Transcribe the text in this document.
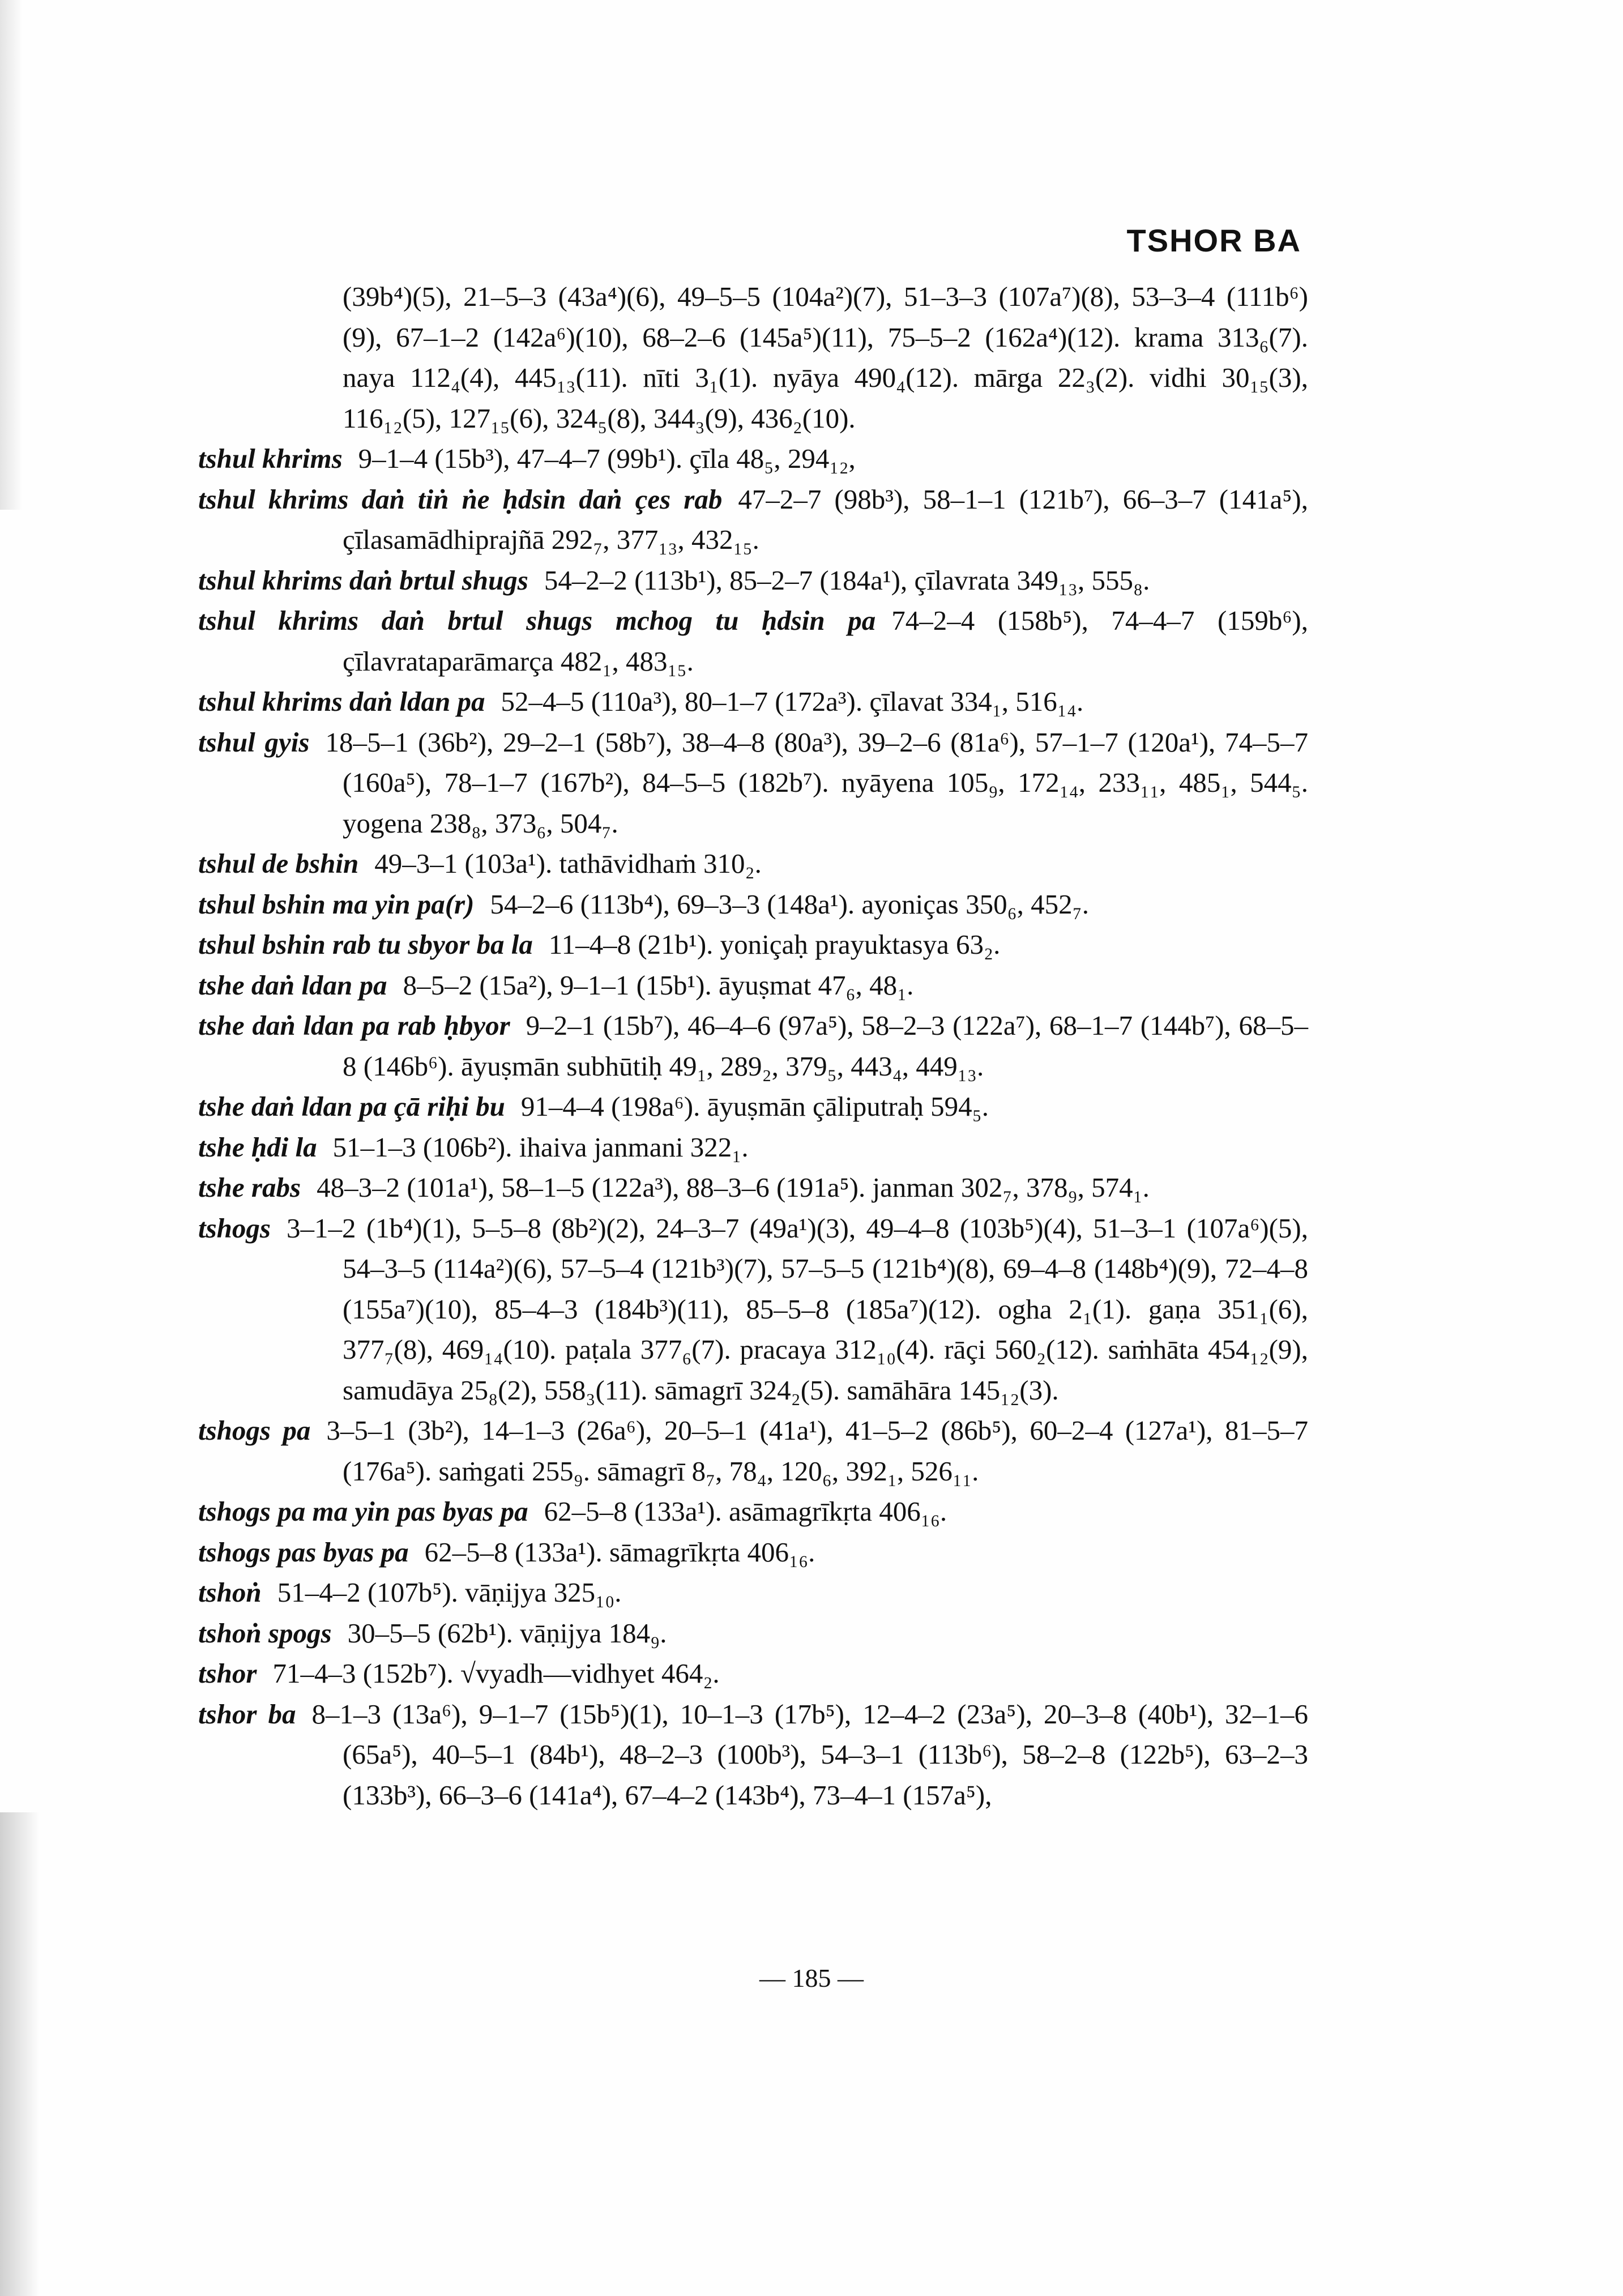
TSHOR BA
(39b⁴)(5), 21–5–3 (43a⁴)(6), 49–5–5 (104a²)(7), 51–3–3 (107a⁷)(8), 53–3–4 (111b⁶)(9), 67–1–2 (142a⁶)(10), 68–2–6 (145a⁵)(11), 75–5–2 (162a⁴)(12). krama 313₆(7). naya 112₄(4), 445₁₃(11). nīti 3₁(1). nyāya 490₄(12). mārga 22₃(2). vidhi 30₁₅(3), 116₁₂(5), 127₁₅(6), 324₅(8), 344₃(9), 436₂(10).
tshul khrims 9–1–4 (15b³), 47–4–7 (99b¹). çīla 48₅, 294₁₂,
tshul khrims daṅ tiṅ ṅe ḥdsin daṅ çes rab 47–2–7 (98b³), 58–1–1 (121b⁷), 66–3–7 (141a⁵), çīlasamādhiprajñā 292₇, 377₁₃, 432₁₅.
tshul khrims daṅ brtul shugs 54–2–2 (113b¹), 85–2–7 (184a¹), çīlavrata 349₁₃, 555₈.
tshul khrims daṅ brtul shugs mchog tu ḥdsin pa 74–2–4 (158b⁵), 74–4–7 (159b⁶), çīlavrataparāmarça 482₁, 483₁₅.
tshul khrims daṅ ldan pa 52–4–5 (110a³), 80–1–7 (172a³). çīlavat 334₁, 516₁₄.
tshul gyis 18–5–1 (36b²), 29–2–1 (58b⁷), 38–4–8 (80a³), 39–2–6 (81a⁶), 57–1–7 (120a¹), 74–5–7 (160a⁵), 78–1–7 (167b²), 84–5–5 (182b⁷). nyāyena 105₉, 172₁₄, 233₁₁, 485₁, 544₅. yogena 238₈, 373₆, 504₇.
tshul de bshin 49–3–1 (103a¹). tathāvidhaṁ 310₂.
tshul bshin ma yin pa(r) 54–2–6 (113b⁴), 69–3–3 (148a¹). ayoniças 350₆, 452₇.
tshul bshin rab tu sbyor ba la 11–4–8 (21b¹). yoniçaḥ prayuktasya 63₂.
tshe daṅ ldan pa 8–5–2 (15a²), 9–1–1 (15b¹). āyuṣmat 47₆, 48₁.
tshe daṅ ldan pa rab ḥbyor 9–2–1 (15b⁷), 46–4–6 (97a⁵), 58–2–3 (122a⁷), 68–1–7 (144b⁷), 68–5–8 (146b⁶). āyuṣmān subhūtiḥ 49₁, 289₂, 379₅, 443₄, 449₁₃.
tshe daṅ ldan pa çā riḥi bu 91–4–4 (198a⁶). āyuṣmān çāliputraḥ 594₅.
tshe ḥdi la 51–1–3 (106b²). ihaiva janmani 322₁.
tshe rabs 48–3–2 (101a¹), 58–1–5 (122a³), 88–3–6 (191a⁵). janman 302₇, 378₉, 574₁.
tshogs 3–1–2 (1b⁴)(1), 5–5–8 (8b²)(2), 24–3–7 (49a¹)(3), 49–4–8 (103b⁵)(4), 51–3–1 (107a⁶)(5), 54–3–5 (114a²)(6), 57–5–4 (121b³)(7), 57–5–5 (121b⁴)(8), 69–4–8 (148b⁴)(9), 72–4–8 (155a⁷)(10), 85–4–3 (184b³)(11), 85–5–8 (185a⁷)(12). ogha 2₁(1). gaṇa 351₁(6), 377₇(8), 469₁₄(10). paṭala 377₆(7). pracaya 312₁₀(4). rāçi 560₂(12). saṁhāta 454₁₂(9), samudāya 25₈(2), 558₃(11). sāmagrī 324₂(5). samāhāra 145₁₂(3).
tshogs pa 3–5–1 (3b²), 14–1–3 (26a⁶), 20–5–1 (41a¹), 41–5–2 (86b⁵), 60–2–4 (127a¹), 81–5–7 (176a⁵). saṁgati 255₉. sāmagrī 8₇, 78₄, 120₆, 392₁, 526₁₁.
tshogs pa ma yin pas byas pa 62–5–8 (133a¹). asāmagrīkṛta 406₁₆.
tshogs pas byas pa 62–5–8 (133a¹). sāmagrīkṛta 406₁₆.
tshoṅ 51–4–2 (107b⁵). vāṇijya 325₁₀.
tshoṅ spogs 30–5–5 (62b¹). vāṇijya 184₉.
tshor 71–4–3 (152b⁷). √vyadh—vidhyet 464₂.
tshor ba 8–1–3 (13a⁶), 9–1–7 (15b⁵)(1), 10–1–3 (17b⁵), 12–4–2 (23a⁵), 20–3–8 (40b¹), 32–1–6 (65a⁵), 40–5–1 (84b¹), 48–2–3 (100b³), 54–3–1 (113b⁶), 58–2–8 (122b⁵), 63–2–3 (133b³), 66–3–6 (141a⁴), 67–4–2 (143b⁴), 73–4–1 (157a⁵),
— 185 —
